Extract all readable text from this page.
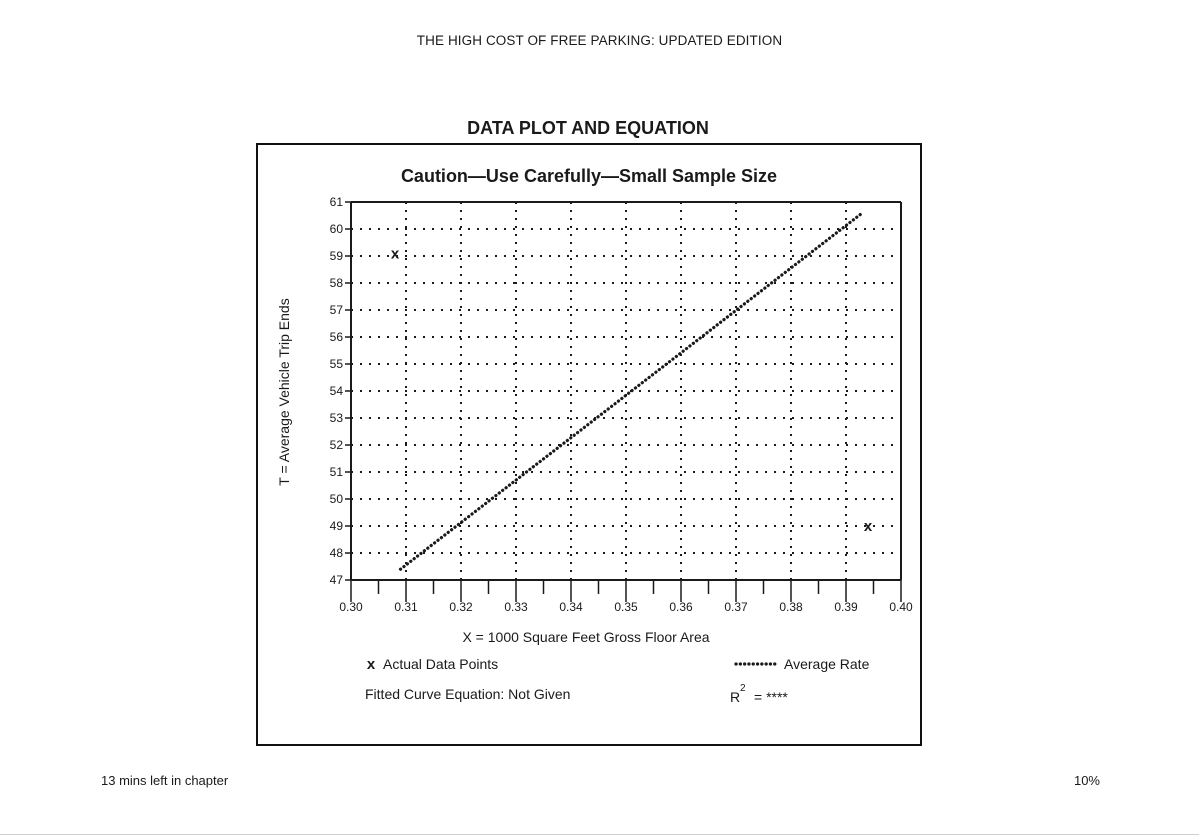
THE HIGH COST OF FREE PARKING: UPDATED EDITION
DATA PLOT AND EQUATION
Caution—Use Carefully—Small Sample Size
47
48
49
50
51
52
53
54
55
56
57
58
59
60
61
0.30	0.31	0.32	0.33	0.34	0.35	0.36	0.37	0.38	0.39	0.40
x
x
X = 1000 Square Feet Gross Floor Area
T = Average Vehicle Trip Ends
x Actual Data Points	Average Rate
Fitted Curve Equation: Not Given	R
2
= ****
13 mins left in chapter	10%
